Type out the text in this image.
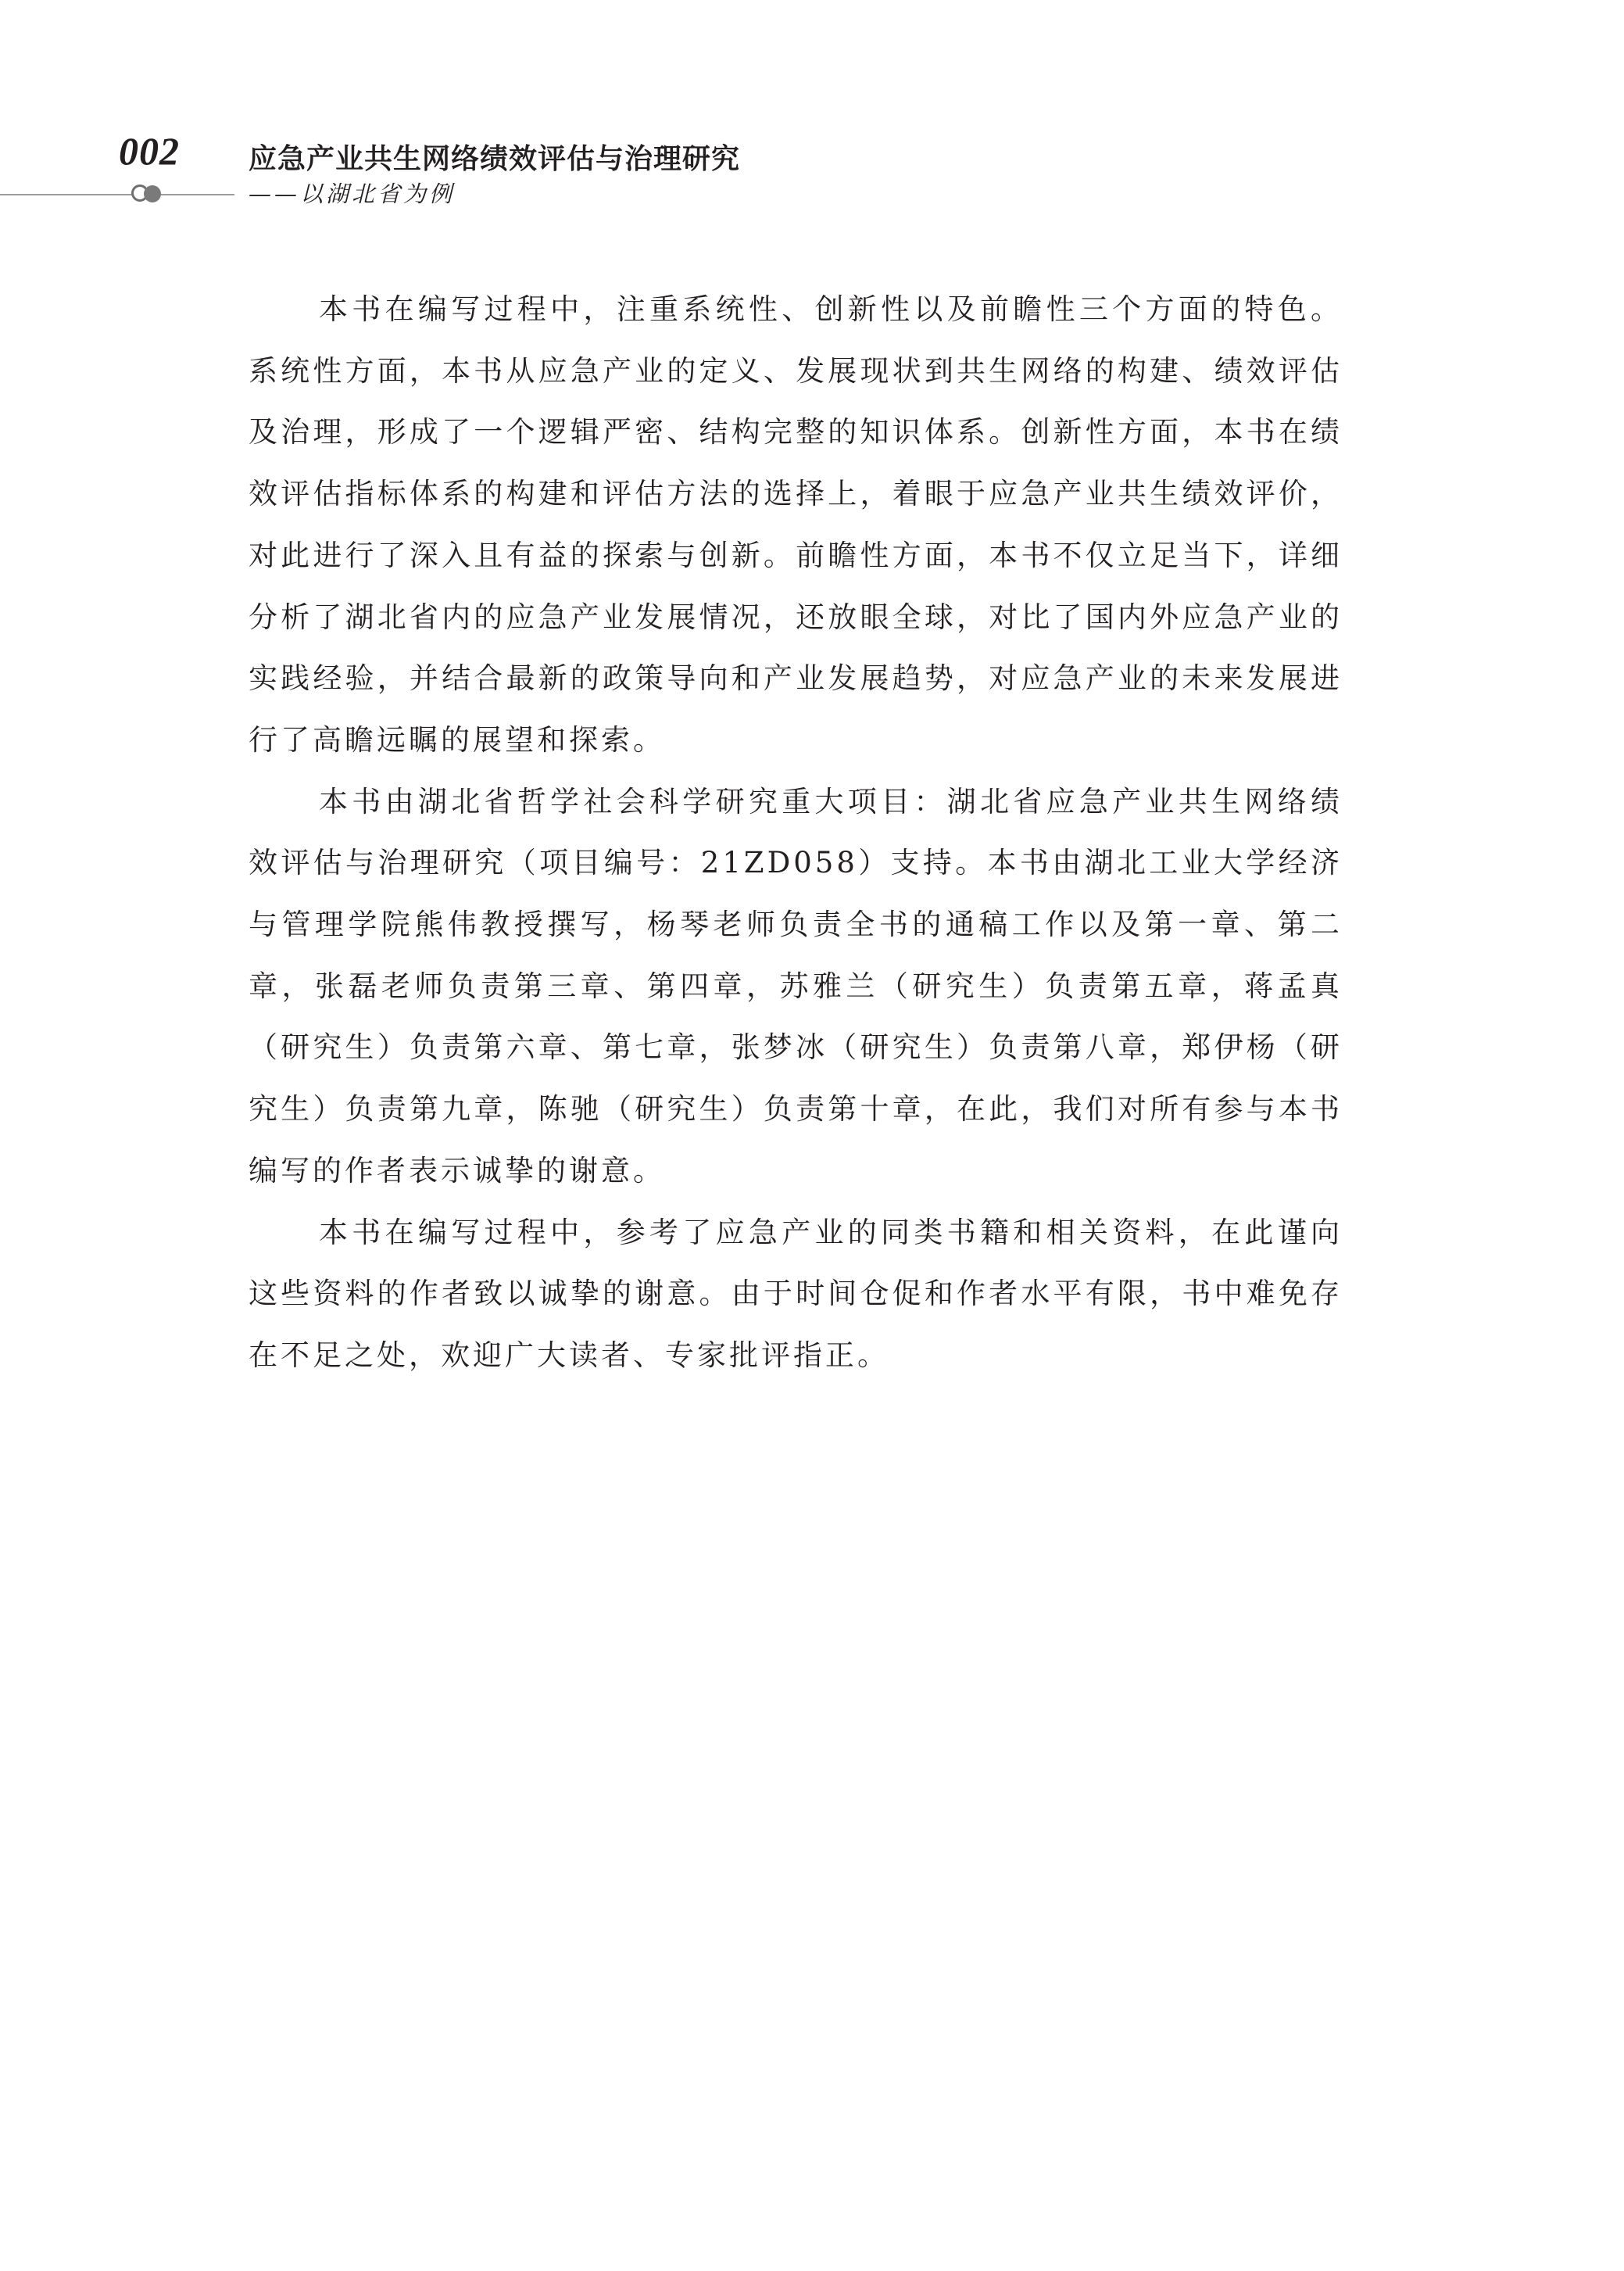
002 应急产业共生网络绩效评估与治理研究
——以湖北省为例

本书在编写过程中，注重系统性、创新性以及前瞻性三个方面的特色。系统性方面，本书从应急产业的定义、发展现状到共生网络的构建、绩效评估及治理，形成了一个逻辑严密、结构完整的知识体系。创新性方面，本书在绩效评估指标体系的构建和评估方法的选择上，着眼于应急产业共生绩效评价，对此进行了深入且有益的探索与创新。前瞻性方面，本书不仅立足当下，详细分析了湖北省内的应急产业发展情况，还放眼全球，对比了国内外应急产业的实践经验，并结合最新的政策导向和产业发展趋势，对应急产业的未来发展进行了高瞻远瞩的展望和探索。

本书由湖北省哲学社会科学研究重大项目：湖北省应急产业共生网络绩效评估与治理研究（项目编号：21ZD058）支持。本书由湖北工业大学经济与管理学院熊伟教授撰写，杨琴老师负责全书的通稿工作以及第一章、第二章，张磊老师负责第三章、第四章，苏雅兰（研究生）负责第五章，蒋孟真（研究生）负责第六章、第七章，张梦冰（研究生）负责第八章，郑伊杨（研究生）负责第九章，陈驰（研究生）负责第十章，在此，我们对所有参与本书编写的作者表示诚挚的谢意。

本书在编写过程中，参考了应急产业的同类书籍和相关资料，在此谨向这些资料的作者致以诚挚的谢意。由于时间仓促和作者水平有限，书中难免存在不足之处，欢迎广大读者、专家批评指正。
